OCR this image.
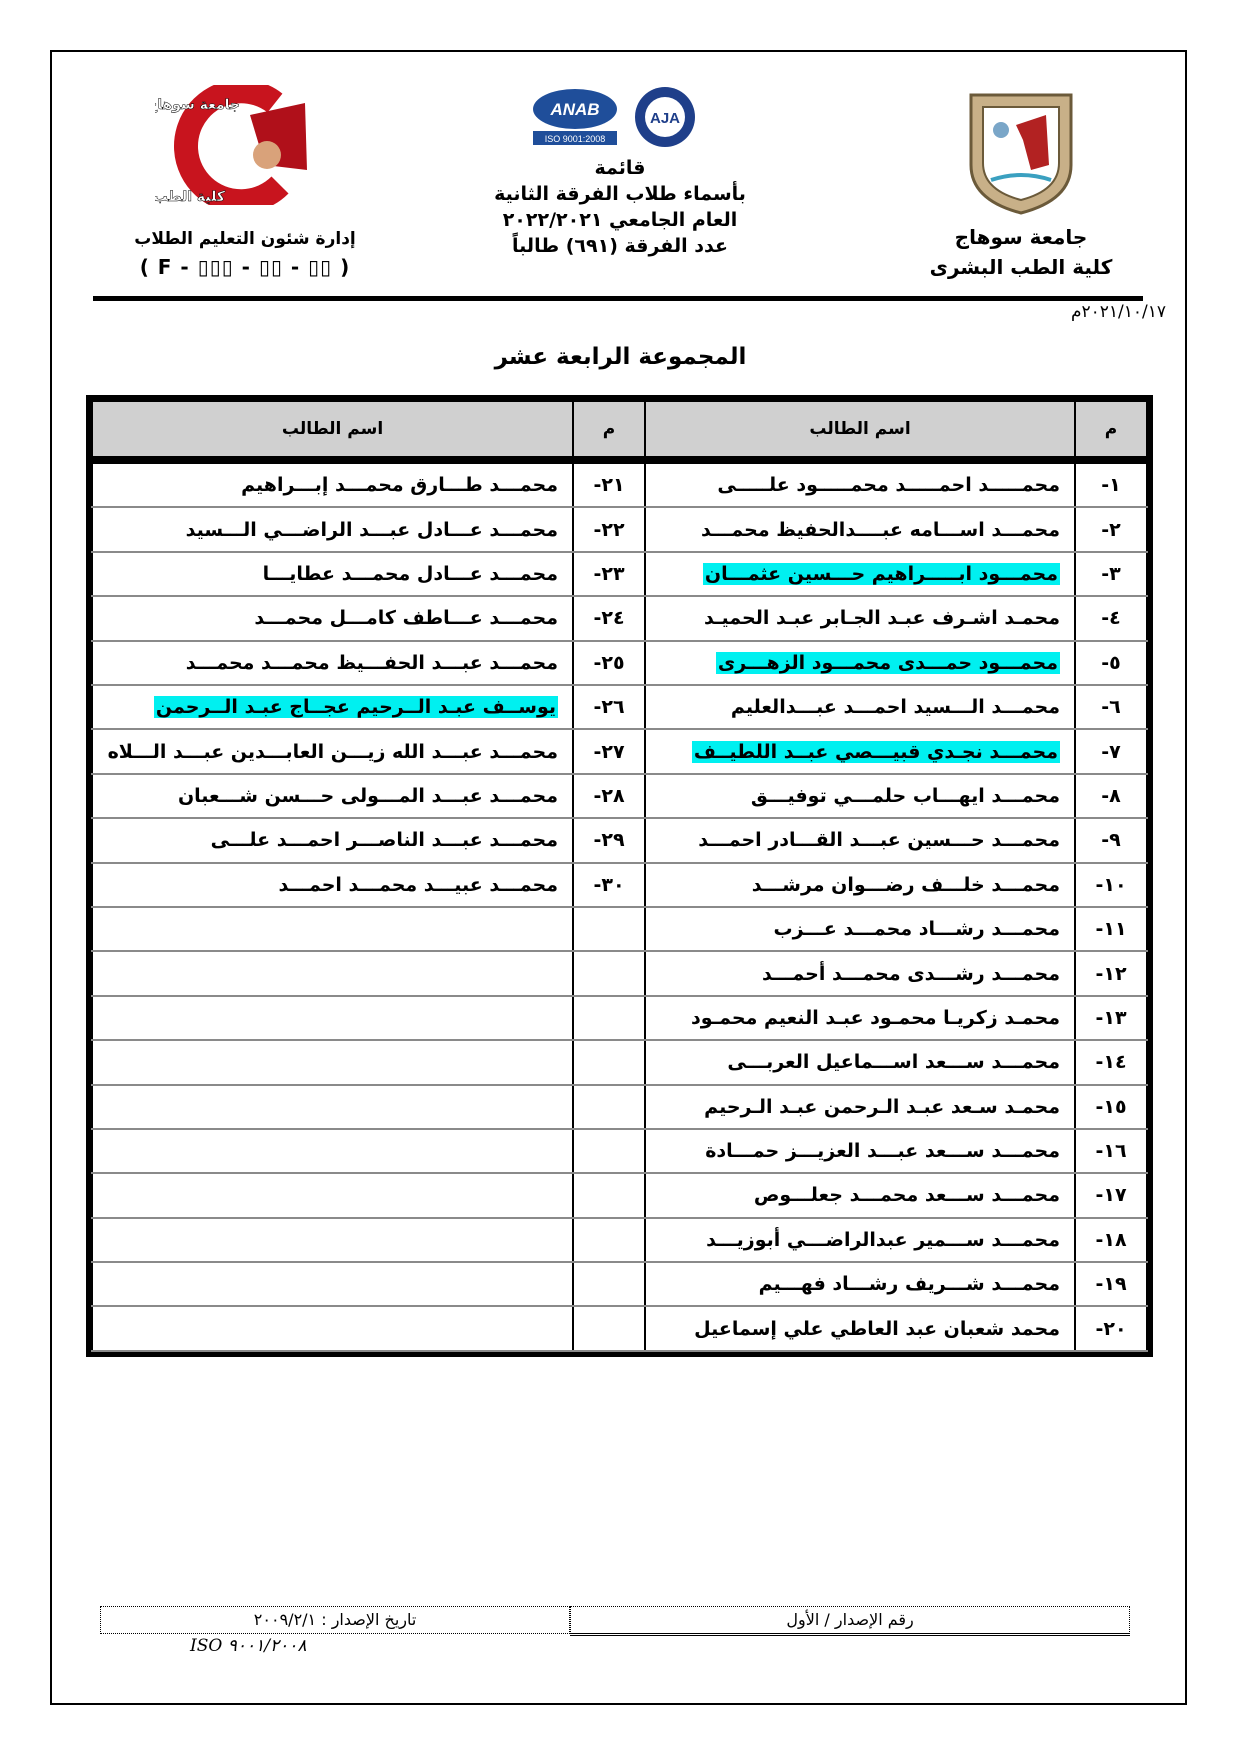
جامعة سوهاج
كلية الطب البشرى
ANAB
ISO 9001:2008
AJA
قائمة
بأسماء طلاب الفرقة الثانية
العام الجامعي ٢٠٢٢/٢٠٢١
عدد الفرقة (٦٩١) طالباً
جامعة سوهاج
كلية الطب
إدارة شئون التعليم الطلاب
( F - ▯▯▯ - ▯▯ - ▯▯ )
٢٠٢١/١٠/١٧م
المجموعة الرابعة عشر
م	اسم الطالب	م	اسم الطالب
١-	محمـــــد احمـــــد محمـــــود علـــــى	٢١-	محمـــد طـــارق محمـــد إبـــراهيم
٢-	محمـــد اســـامه عبــــدالحفيظ محمـــد	٢٢-	محمـــد عـــادل عبـــد الراضـــي الـــسيد
٣-	محمـــود ابـــــراهيم حـــسين عثمـــان	٢٣-	محمـــد عـــادل محمـــد عطايـــا
٤-	محمـد اشـرف عبـد الجـابر عبـد الحميـد	٢٤-	محمـــد عـــاطف كامـــل محمـــد
٥-	محمـــود حمـــدى محمـــود الزهـــرى	٢٥-	محمـــد عبـــد الحفـــيظ محمـــد محمـــد
٦-	محمـــد الـــسيد احمـــد عبـــدالعليم	٢٦-	يوســف عبـد الــرحيم عجــاج عبـد الــرحمن
٧-	محمـــد نجـدي قبيـــصي عبــد اللطيــف	٢٧-	محمـــد عبـــد الله زيـــن العابـــدين عبـــد الـــلاه
٨-	محمـــد ايهـــاب حلمـــي توفيـــق	٢٨-	محمـــد عبـــد المـــولى حـــسن شـــعبان
٩-	محمـــد حـــسين عبـــد القـــادر احمـــد	٢٩-	محمـــد عبـــد الناصـــر احمـــد علـــى
١٠-	محمـــد خلـــف رضـــوان مرشـــد	٣٠-	محمـــد عبيـــد محمـــد احمـــد
١١-	محمـــد رشـــاد محمـــد عـــزب		
١٢-	محمـــد رشـــدى محمـــد أحمـــد		
١٣-	محمـد زكريـا محمـود عبـد النعيم محمـود		
١٤-	محمـــد ســـعد اســـماعيل العربـــى		
١٥-	محمـد سـعد عبـد الـرحمن عبـد الـرحيم		
١٦-	محمـــد ســـعد عبـــد العزيـــز حمـــادة		
١٧-	محمـــد ســـعد محمـــد جعلـــوص		
١٨-	محمـــد ســـمير عبدالراضـــي أبوزيـــد		
١٩-	محمـــد شـــريف رشـــاد فهـــيم		
٢٠-	محمد شعبان عبد العاطي علي إسماعيل		
رقم الإصدار / الأول
تاريخ الإصدار : ٢٠٠٩/٢/١
ISO ٩٠٠١/٢٠٠٨
